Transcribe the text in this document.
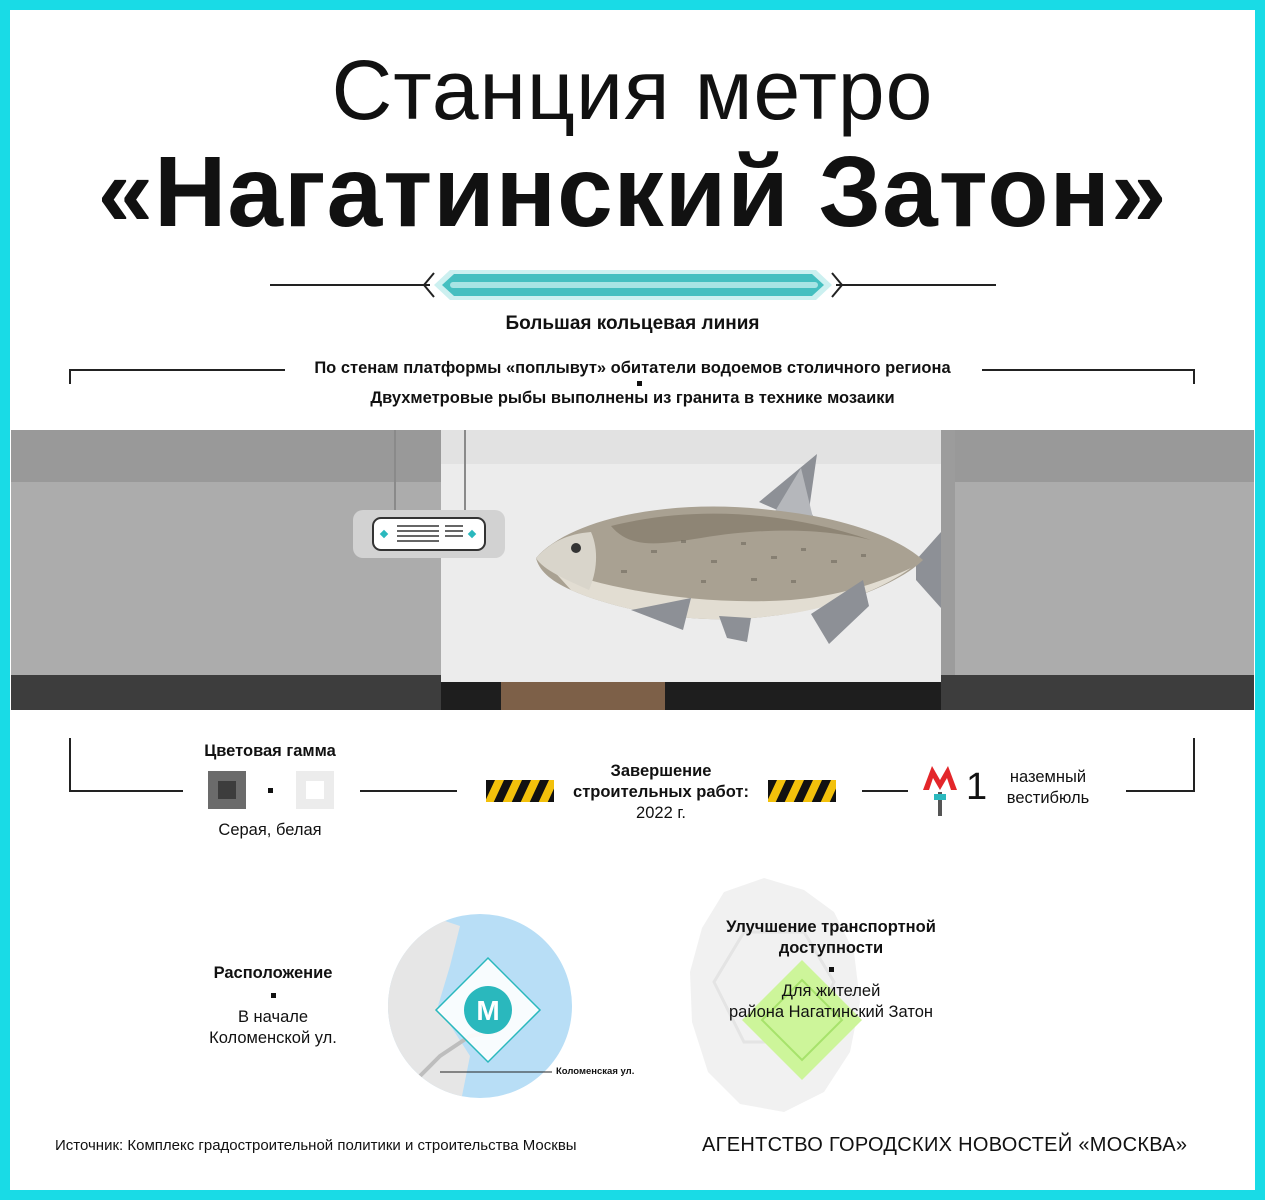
Станция метро
«Нагатинский Затон»
Большая кольцевая линия
По стенам платформы «поплывут» обитатели водоемов столичного региона
Двухметровые рыбы выполнены из гранита в технике мозаики
Цветовая гамма
Серая, белая
Завершение
строительных работ:
2022 г.
1	наземный
вестибюль
Расположение
В начале
Коломенской ул.
М
Коломенская ул.
Улучшение транспортной
доступности
Для жителей
района Нагатинский Затон
Источник: Комплекс градостроительной политики и строительства Москвы	АГЕНТСТВО ГОРОДСКИХ НОВОСТЕЙ «МОСКВА»
